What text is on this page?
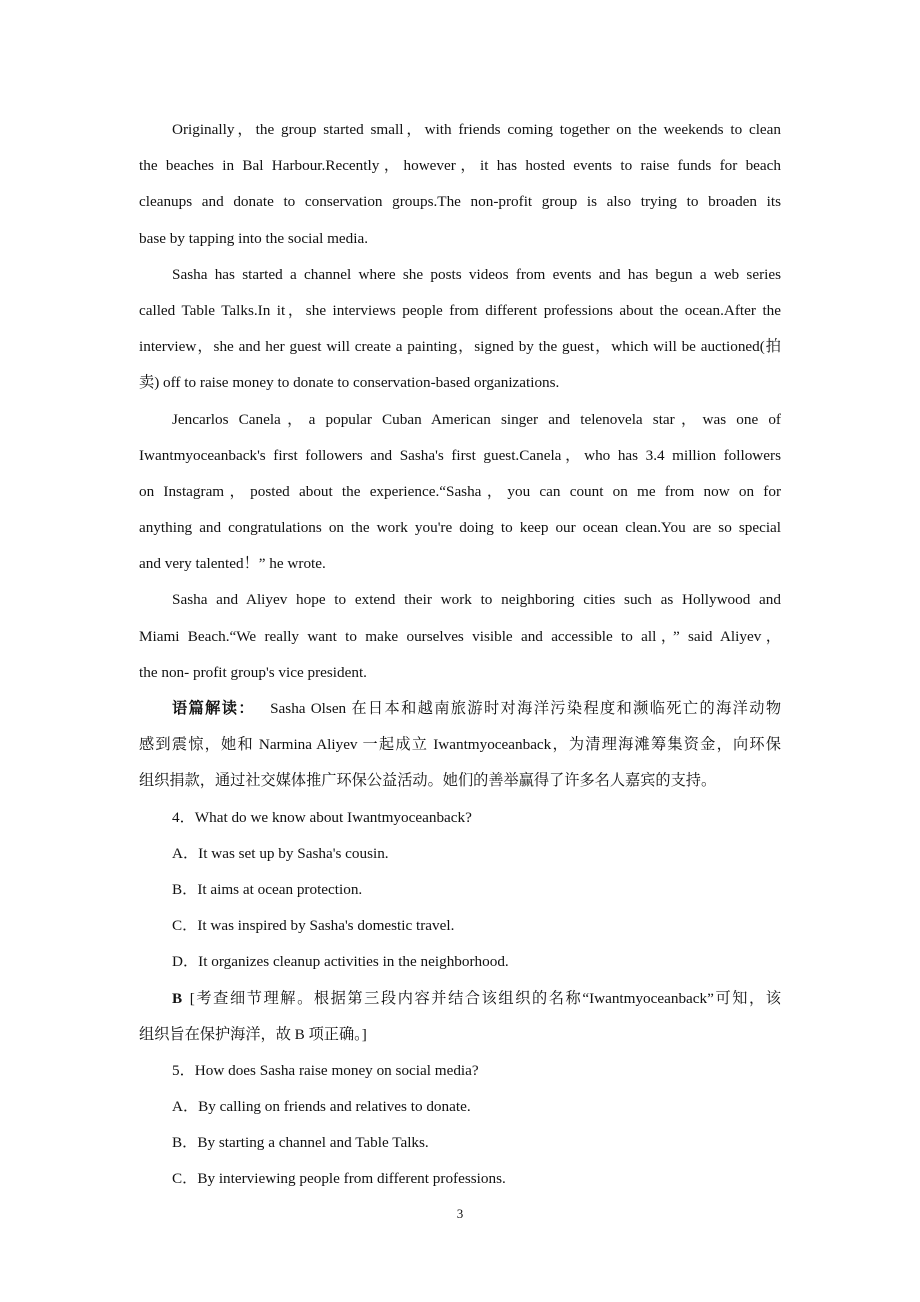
Originally，the group started small，with friends coming together on the weekends to clean
the beaches in Bal Harbour.Recently，however，it has hosted events to raise funds for beach
cleanups and donate to conservation groups.The non-profit group is also trying to broaden its
base by tapping into the social media.
Sasha has started a channel where she posts videos from events and has begun a web series
called Table Talks.In it，she interviews people from different professions about the ocean.After the
interview，she and her guest will create a painting，signed by the guest，which will be auctioned(拍
卖) off to raise money to donate to conservation-based organizations.
Jencarlos Canela，a popular Cuban American singer and telenovela star，was one of
Iwantmyoceanback's first followers and Sasha's first guest.Canela，who has 3.4 million followers
on Instagram，posted about the experience.“Sasha，you can count on me from now on for
anything and congratulations on the work you're doing to keep our ocean clean.You are so special
and very talented！” he wrote.
Sasha and Aliyev hope to extend their work to neighboring cities such as Hollywood and
Miami Beach.“We really want to make ourselves visible and accessible to all，” said Aliyev，
the non- profit group's vice president.
语篇解读：  Sasha Olsen 在日本和越南旅游时对海洋污染程度和濒临死亡的海洋动物
感到震惊，她和 Narmina Aliyev 一起成立 Iwantmyoceanback，为清理海滩筹集资金，向环保
组织捐款，通过社交媒体推广环保公益活动。她们的善举赢得了许多名人嘉宾的支持。
4．What do we know about Iwantmyoceanback?
A．It was set up by Sasha's cousin.
B．It aims at ocean protection.
C．It was inspired by Sasha's domestic travel.
D．It organizes cleanup activities in the neighborhood.
B  [考查细节理解。根据第三段内容并结合该组织的名称“Iwantmyoceanback”可知，该
组织旨在保护海洋，故 B 项正确。]
5．How does Sasha raise money on social media?
A．By calling on friends and relatives to donate.
B．By starting a channel and Table Talks.
C．By interviewing people from different professions.
3
